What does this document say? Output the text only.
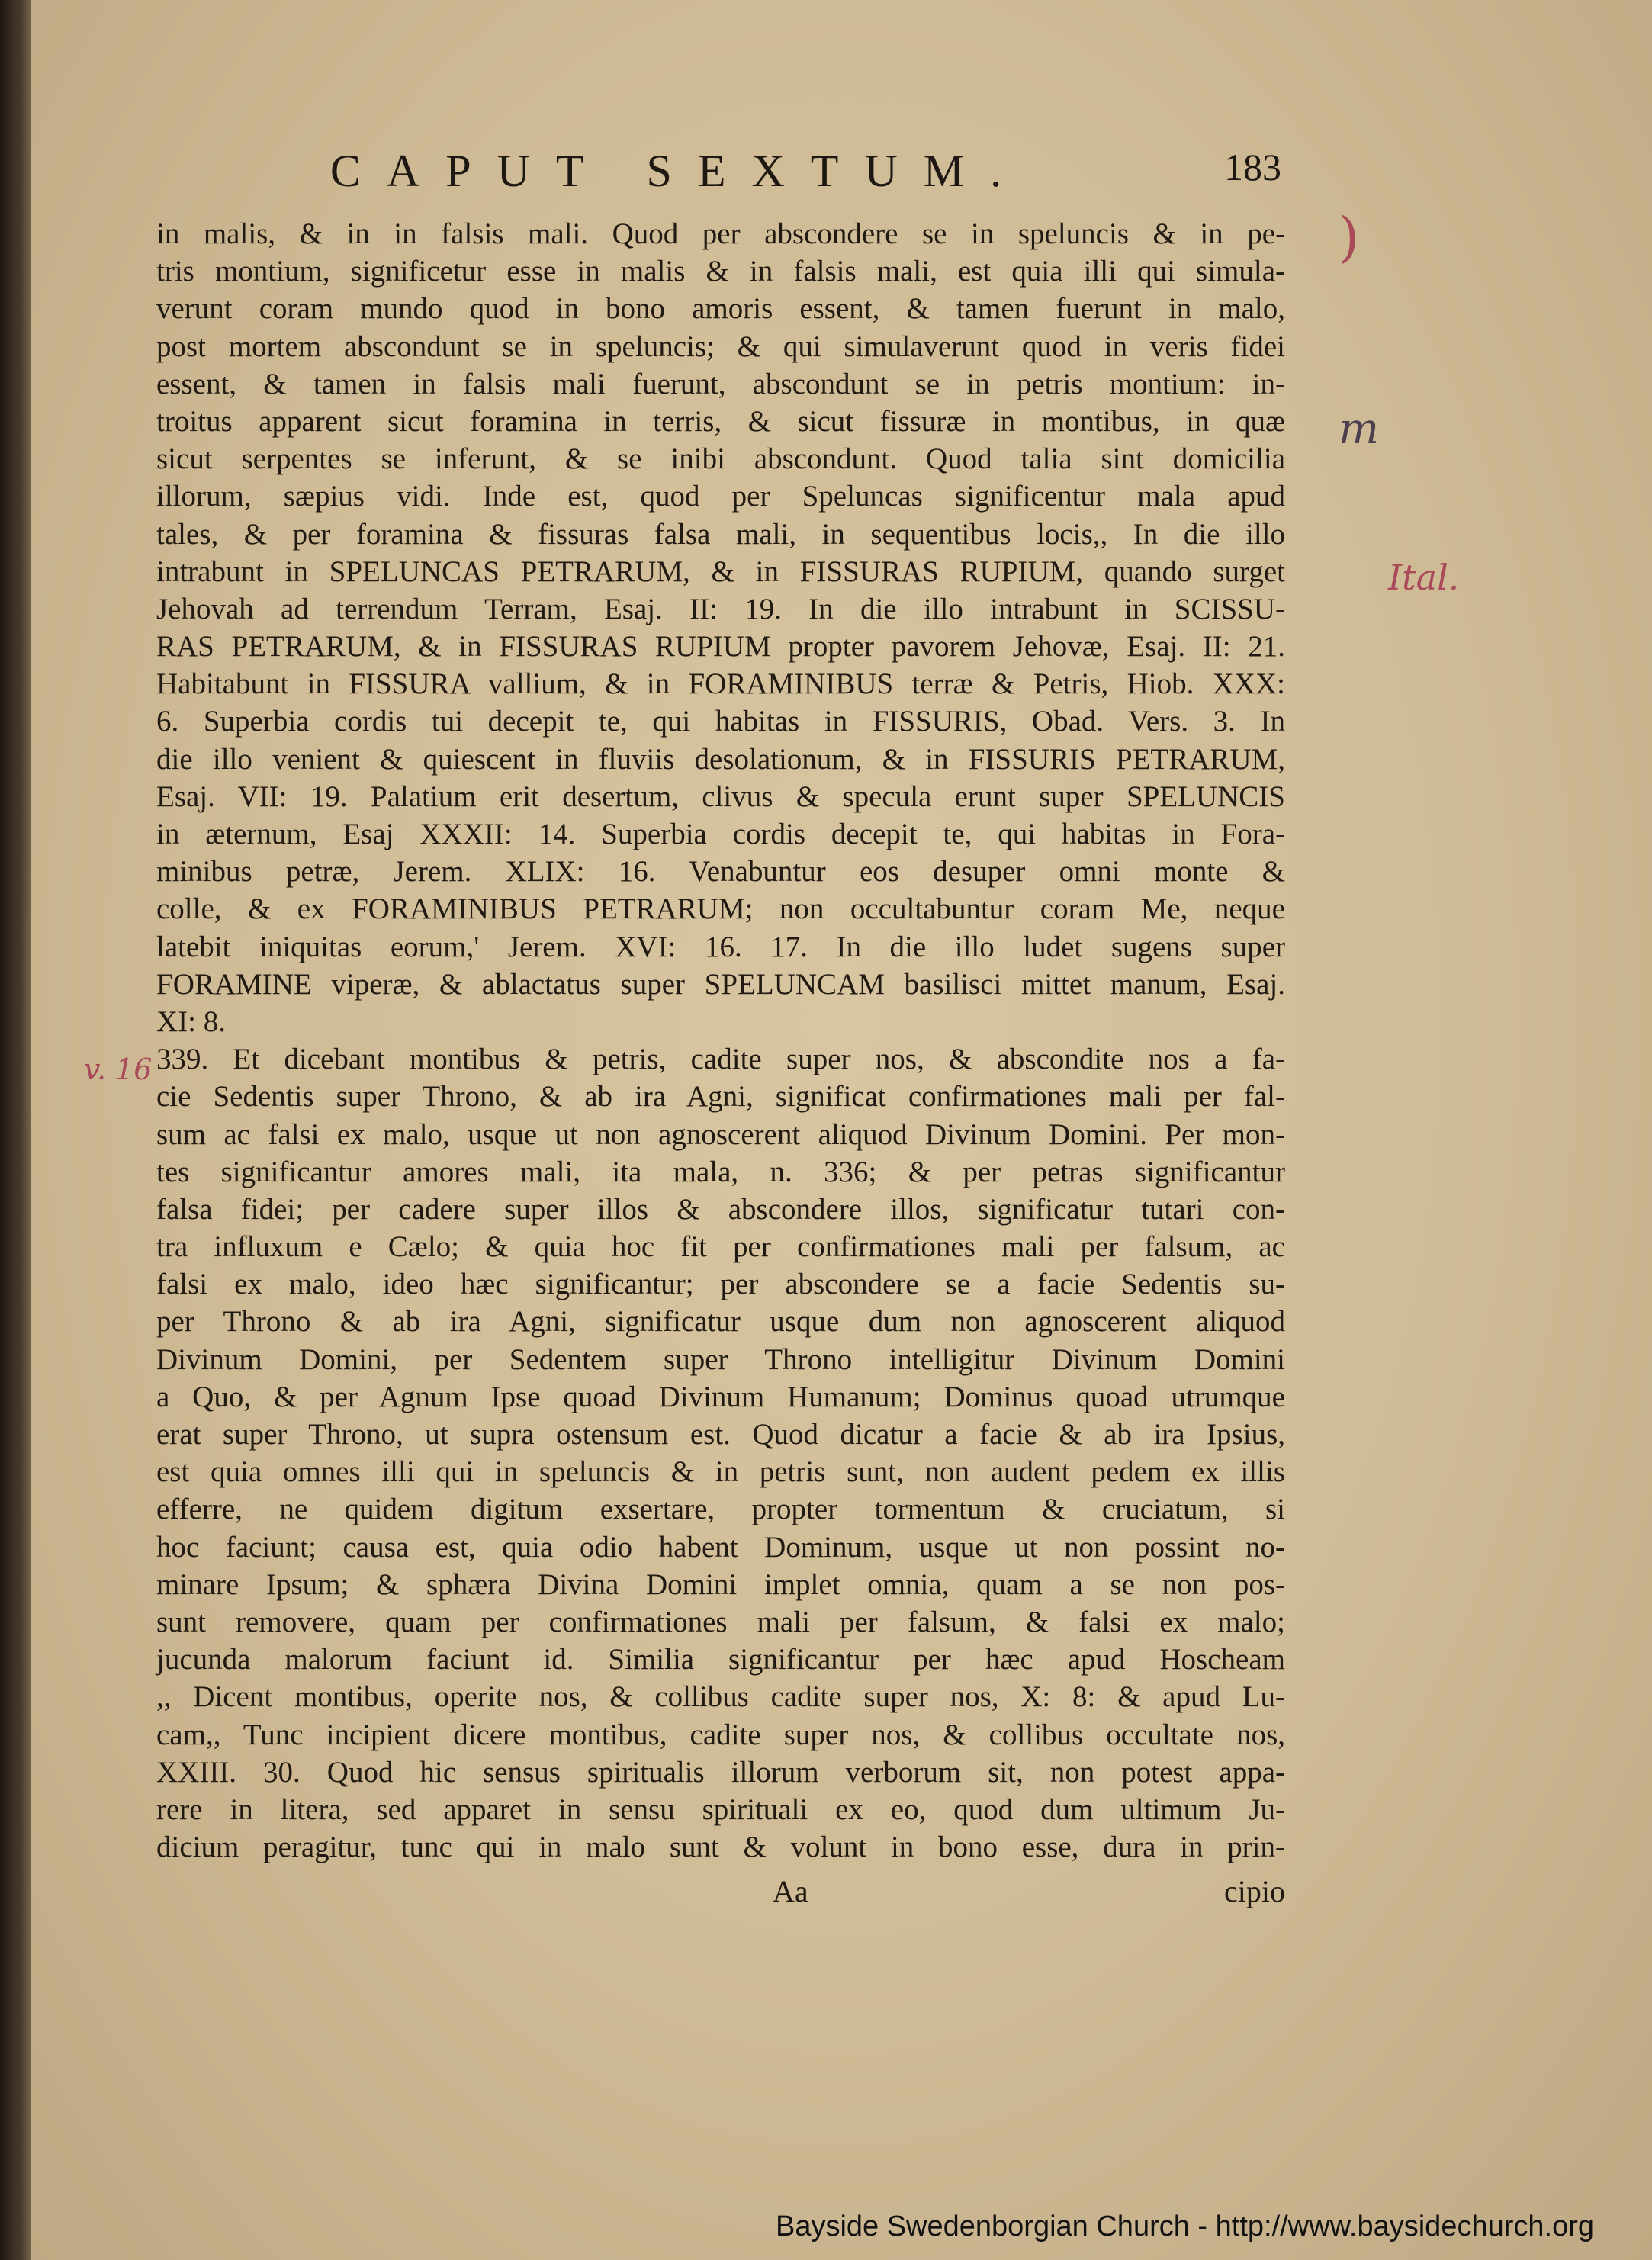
CAPUT SEXTUM.	183
)
m
Ital.
v. 16
in malis, & in in falsis mali. Quod per abscondere se in speluncis & in pe-
tris montium, significetur esse in malis & in falsis mali, est quia illi qui simula-
verunt coram mundo quod in bono amoris essent, & tamen fuerunt in malo,
post mortem abscondunt se in speluncis; & qui simulaverunt quod in veris fidei
essent, & tamen in falsis mali fuerunt, abscondunt se in petris montium: in-
troitus apparent sicut foramina in terris, & sicut fissuræ in montibus, in quæ
sicut serpentes se inferunt, & se inibi abscondunt. Quod talia sint domicilia
illorum, sæpius vidi. Inde est, quod per Speluncas significentur mala apud
tales, & per foramina & fissuras falsa mali, in sequentibus locis,, In die illo
intrabunt in SPELUNCAS PETRARUM, & in FISSURAS RUPIUM, quando surget
Jehovah ad terrendum Terram, Esaj. II: 19. In die illo intrabunt in SCISSU-
RAS PETRARUM, & in FISSURAS RUPIUM propter pavorem Jehovæ, Esaj. II: 21.
Habitabunt in FISSURA vallium, & in FORAMINIBUS terræ & Petris, Hiob. XXX:
6. Superbia cordis tui decepit te, qui habitas in FISSURIS, Obad. Vers. 3. In
die illo venient & quiescent in fluviis desolationum, & in FISSURIS PETRARUM,
Esaj. VII: 19. Palatium erit desertum, clivus & specula erunt super SPELUNCIS
in æternum, Esaj XXXII: 14. Superbia cordis decepit te, qui habitas in Fora-
minibus petræ, Jerem. XLIX: 16. Venabuntur eos desuper omni monte &
colle, & ex FORAMINIBUS PETRARUM; non occultabuntur coram Me, neque
latebit iniquitas eorum,' Jerem. XVI: 16. 17. In die illo ludet sugens super
FORAMINE viperæ, & ablactatus super SPELUNCAM basilisci mittet manum, Esaj.
XI: 8.
339. Et dicebant montibus & petris, cadite super nos, & abscondite nos a fa-
cie Sedentis super Throno, & ab ira Agni, significat confirmationes mali per fal-
sum ac falsi ex malo, usque ut non agnoscerent aliquod Divinum Domini. Per mon-
tes significantur amores mali, ita mala, n. 336; & per petras significantur
falsa fidei; per cadere super illos & abscondere illos, significatur tutari con-
tra influxum e Cælo; & quia hoc fit per confirmationes mali per falsum, ac
falsi ex malo, ideo hæc significantur; per abscondere se a facie Sedentis su-
per Throno & ab ira Agni, significatur usque dum non agnoscerent aliquod
Divinum Domini, per Sedentem super Throno intelligitur Divinum Domini
a Quo, & per Agnum Ipse quoad Divinum Humanum; Dominus quoad utrumque
erat super Throno, ut supra ostensum est. Quod dicatur a facie & ab ira Ipsius,
est quia omnes illi qui in speluncis & in petris sunt, non audent pedem ex illis
efferre, ne quidem digitum exsertare, propter tormentum & cruciatum, si
hoc faciunt; causa est, quia odio habent Dominum, usque ut non possint no-
minare Ipsum; & sphæra Divina Domini implet omnia, quam a se non pos-
sunt removere, quam per confirmationes mali per falsum, & falsi ex malo;
jucunda malorum faciunt id. Similia significantur per hæc apud Hoscheam
,, Dicent montibus, operite nos, & collibus cadite super nos, X: 8: & apud Lu-
cam,, Tunc incipient dicere montibus, cadite super nos, & collibus occultate nos,
XXIII. 30. Quod hic sensus spiritualis illorum verborum sit, non potest appa-
rere in litera, sed apparet in sensu spirituali ex eo, quod dum ultimum Ju-
dicium peragitur, tunc qui in malo sunt & volunt in bono esse, dura in prin-
Aa	cipio
Bayside Swedenborgian Church - http://www.baysidechurch.org
